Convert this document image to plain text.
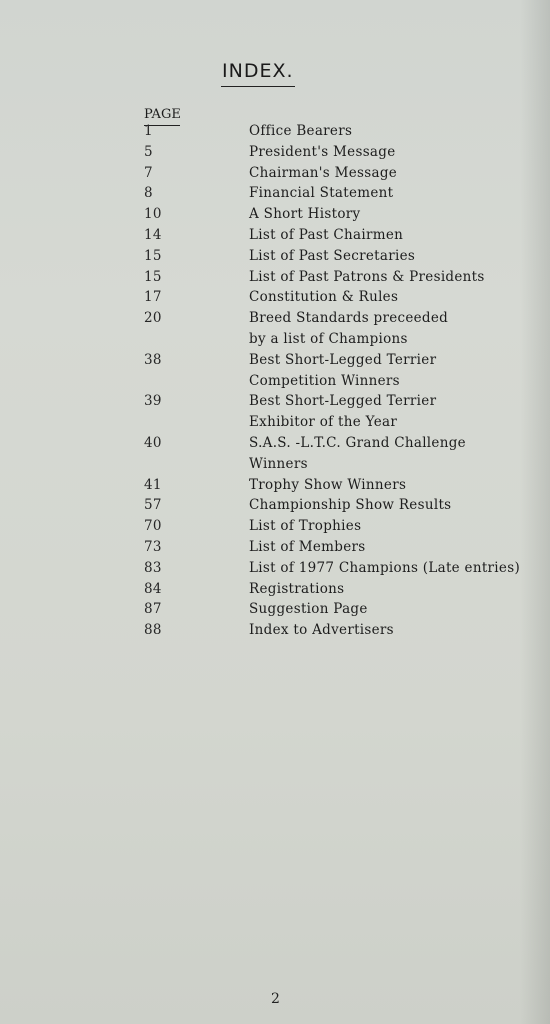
INDEX.
PAGE
1	Office Bearers
5	President's Message
7	Chairman's Message
8	Financial Statement
10	A Short History
14	List of Past Chairmen
15	List of Past Secretaries
15	List of Past Patrons & Presidents
17	Constitution & Rules
20	Breed Standards preceeded
by a list of Champions
38	Best Short-Legged Terrier
Competition Winners
39	Best Short-Legged Terrier
Exhibitor of the Year
40	S.A.S. -L.T.C. Grand Challenge
Winners
41	Trophy Show Winners
57	Championship Show Results
70	List of Trophies
73	List of Members
83	List of 1977 Champions (Late entries)
84	Registrations
87	Suggestion Page
88	Index to Advertisers
2
